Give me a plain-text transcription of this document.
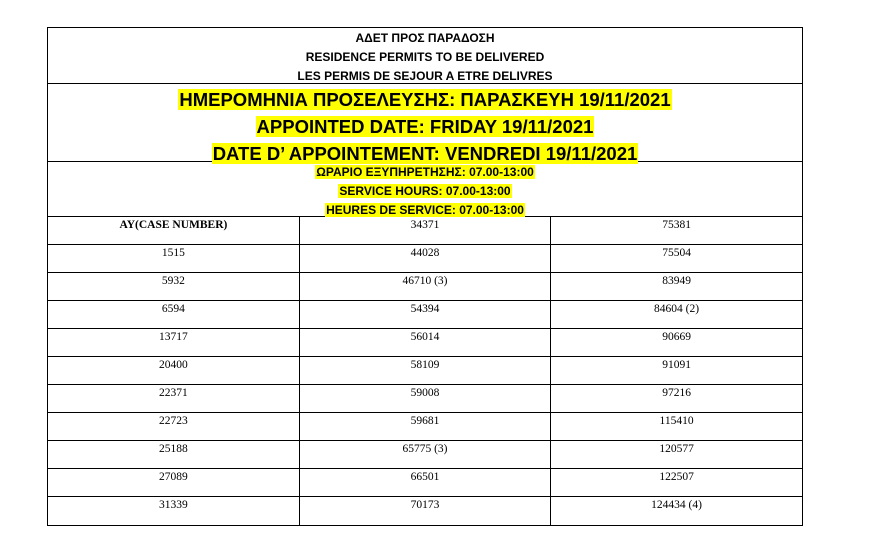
ΑΔΕΤ ΠΡΟΣ ΠΑΡΑΔΟΣΗ
RESIDENCE PERMITS TO BE DELIVERED
LES PERMIS DE SEJOUR A ETRE DELIVRES
ΗΜΕΡΟΜΗΝΙΑ ΠΡΟΣΕΛΕΥΣΗΣ: ΠΑΡΑΣΚΕΥΗ 19/11/2021
APPOINTED DATE: FRIDAY 19/11/2021
DATE D’ APPOINTEMENT: VENDREDI 19/11/2021
ΩΡΑΡΙΟ ΕΞΥΠΗΡΕΤΗΣΗΣ: 07.00-13:00
SERVICE HOURS: 07.00-13:00
HEURES DE SERVICE: 07.00-13:00
AY(CASE NUMBER)	34371	75381
1515	44028	75504
5932	46710 (3)	83949
6594	54394	84604 (2)
13717	56014	90669
20400	58109	91091
22371	59008	97216
22723	59681	115410
25188	65775 (3)	120577
27089	66501	122507
31339	70173	124434 (4)
